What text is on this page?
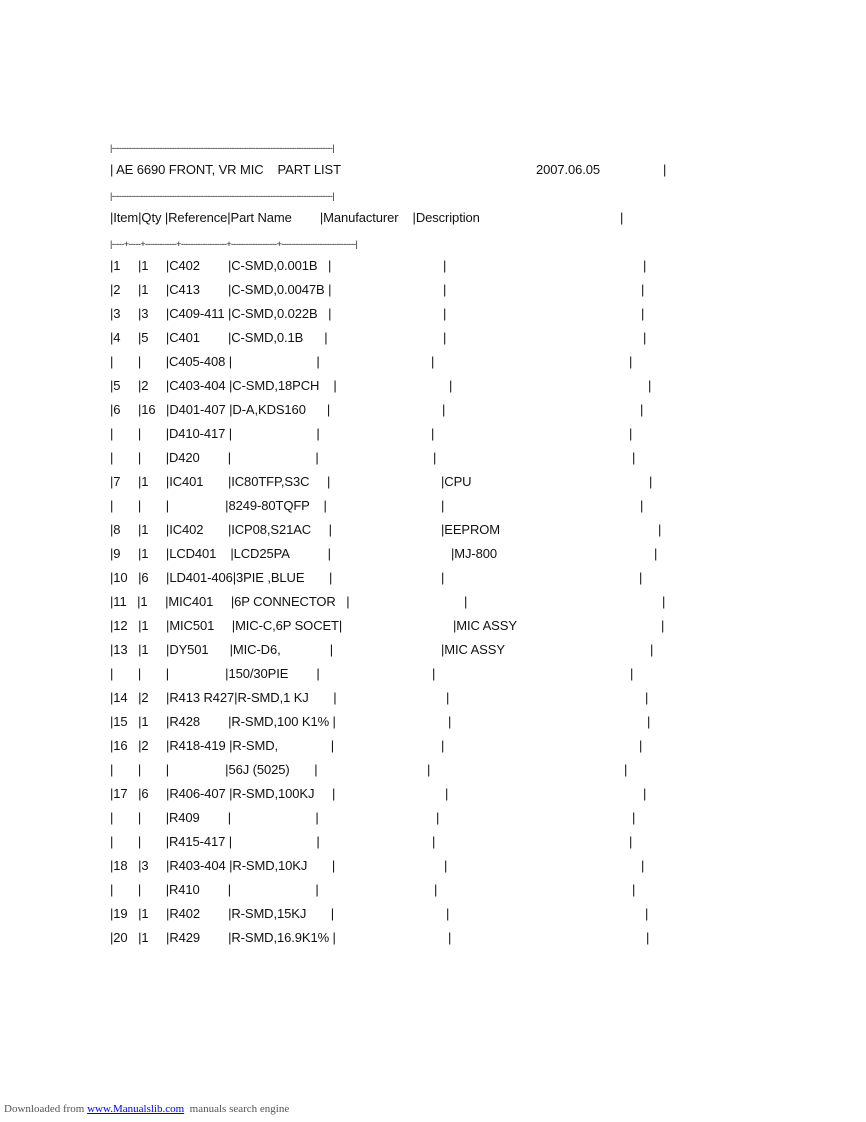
|--------------------------------------------------------------------------------------------|
| AE 6690 FRONT, VR MIC    PART LIST	2007.06.05	|
|--------------------------------------------------------------------------------------------|
|Item|Qty |Reference|Part Name        |Manufacturer    |Description	|
|-----+-----+-------------+-------------------+-------------------+-------------------------------|
|1     |1     |C402        |C-SMD,0.001B   |	|	|
|2     |1     |C413        |C-SMD,0.0047B |	|	|
|3     |3     |C409-411 |C-SMD,0.022B   |	|	|
|4     |5     |C401        |C-SMD,0.1B      |	|	|
|       |       |C405-408 |                        |	|	|
|5     |2     |C403-404 |C-SMD,18PCH    |	|	|
|6     |16   |D401-407 |D-A,KDS160      |	|	|
|       |       |D410-417 |                        |	|	|
|       |       |D420        |                        |	|	|
|7     |1     |IC401       |IC80TFP,S3C     |	|CPU	|
|       |       |                |8249-80TQFP    |	|	|
|8     |1     |IC402       |ICP08,S21AC     |	|EEPROM	|
|9     |1     |LCD401    |LCD25PA           |	|MJ-800	|
|10   |6     |LD401-406|3PIE ,BLUE       |	|	|
|11   |1     |MIC401     |6P CONNECTOR   |	|	|
|12   |1     |MIC501     |MIC-C,6P SOCET|	|MIC ASSY	|
|13   |1     |DY501      |MIC-D6,              |	|MIC ASSY	|
|       |       |                |150/30PIE        |	|	|
|14   |2     |R413 R427|R-SMD,1 KJ       |	|	|
|15   |1     |R428        |R-SMD,100 K1% |	|	|
|16   |2     |R418-419 |R-SMD,               |	|	|
|       |       |                |56J (5025)       |	|	|
|17   |6     |R406-407 |R-SMD,100KJ     |	|	|
|       |       |R409        |                        |	|	|
|       |       |R415-417 |                        |	|	|
|18   |3     |R403-404 |R-SMD,10KJ       |	|	|
|       |       |R410        |                        |	|	|
|19   |1     |R402        |R-SMD,15KJ       |	|	|
|20   |1     |R429        |R-SMD,16.9K1% |	|	|
Downloaded from www.Manualslib.com  manuals search engine
